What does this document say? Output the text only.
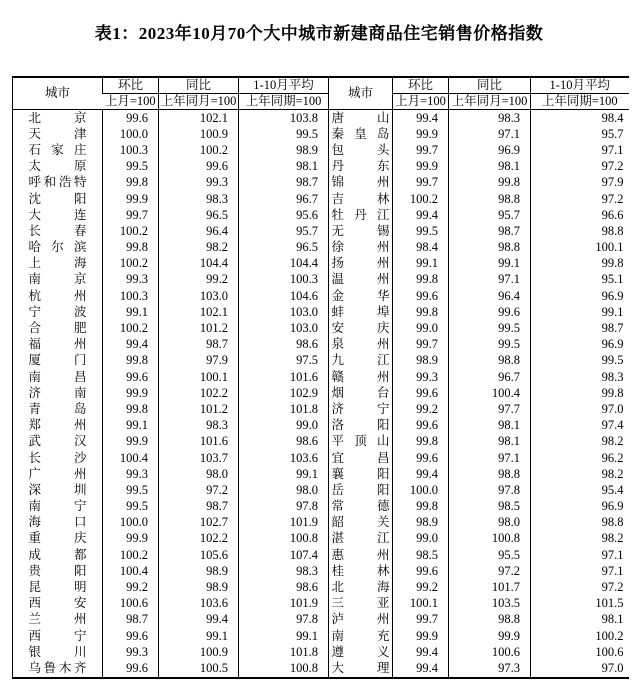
表1：2023年10月70个大中城市新建商品住宅销售价格指数
城市	环比	同比	1-10月平均	城市	环比	同比	1-10月平均
	上月=100	上年同月=100	上年同期=100		上月=100	上年同月=100	上年同期=100
北京	99.6	102.1	103.8	唐山	99.4	98.3	98.4
天津	100.0	100.9	99.5	秦皇岛	99.9	97.1	95.7
石家庄	100.3	100.2	98.9	包头	99.7	96.9	97.1
太原	99.5	99.6	98.1	丹东	99.9	98.1	97.2
呼和浩特	99.8	99.3	98.7	锦州	99.7	99.8	97.9
沈阳	99.9	98.3	96.7	吉林	100.2	98.8	97.2
大连	99.7	96.5	95.6	牡丹江	99.4	95.7	96.6
长春	100.2	96.4	95.7	无锡	99.5	98.7	98.8
哈尔滨	99.8	98.2	96.5	徐州	98.4	98.8	100.1
上海	100.2	104.4	104.4	扬州	99.1	99.1	99.8
南京	99.3	99.2	100.3	温州	99.8	97.1	95.1
杭州	100.3	103.0	104.6	金华	99.6	96.4	96.9
宁波	99.1	102.1	103.0	蚌埠	99.8	99.6	99.1
合肥	100.2	101.2	103.0	安庆	99.0	99.5	98.7
福州	99.4	98.7	98.6	泉州	99.7	99.5	96.9
厦门	99.8	97.9	97.5	九江	98.9	98.8	99.5
南昌	99.6	100.1	101.6	赣州	99.3	96.7	98.3
济南	99.9	102.2	102.9	烟台	99.6	100.4	99.8
青岛	99.8	101.2	101.8	济宁	99.2	97.7	97.0
郑州	99.1	98.3	99.0	洛阳	99.6	98.1	97.4
武汉	99.9	101.6	98.6	平顶山	99.8	98.1	98.2
长沙	100.4	103.7	103.6	宜昌	99.6	97.1	96.2
广州	99.3	98.0	99.1	襄阳	99.4	98.8	98.2
深圳	99.5	97.2	98.0	岳阳	100.0	97.8	95.4
南宁	99.5	98.7	97.8	常德	99.8	98.5	96.9
海口	100.0	102.7	101.9	韶关	98.9	98.0	98.8
重庆	99.9	102.2	100.8	湛江	99.0	100.8	98.2
成都	100.2	105.6	107.4	惠州	98.5	95.5	97.1
贵阳	100.4	98.9	98.3	桂林	99.6	97.2	97.1
昆明	99.2	98.9	98.6	北海	99.2	101.7	97.2
西安	100.6	103.6	101.9	三亚	100.1	103.5	101.5
兰州	98.7	99.4	97.8	泸州	99.7	98.8	98.1
西宁	99.6	99.1	99.1	南充	99.9	99.9	100.2
银川	99.3	100.9	101.8	遵义	99.4	100.6	100.6
乌鲁木齐	99.6	100.5	100.8	大理	99.4	97.3	97.0
